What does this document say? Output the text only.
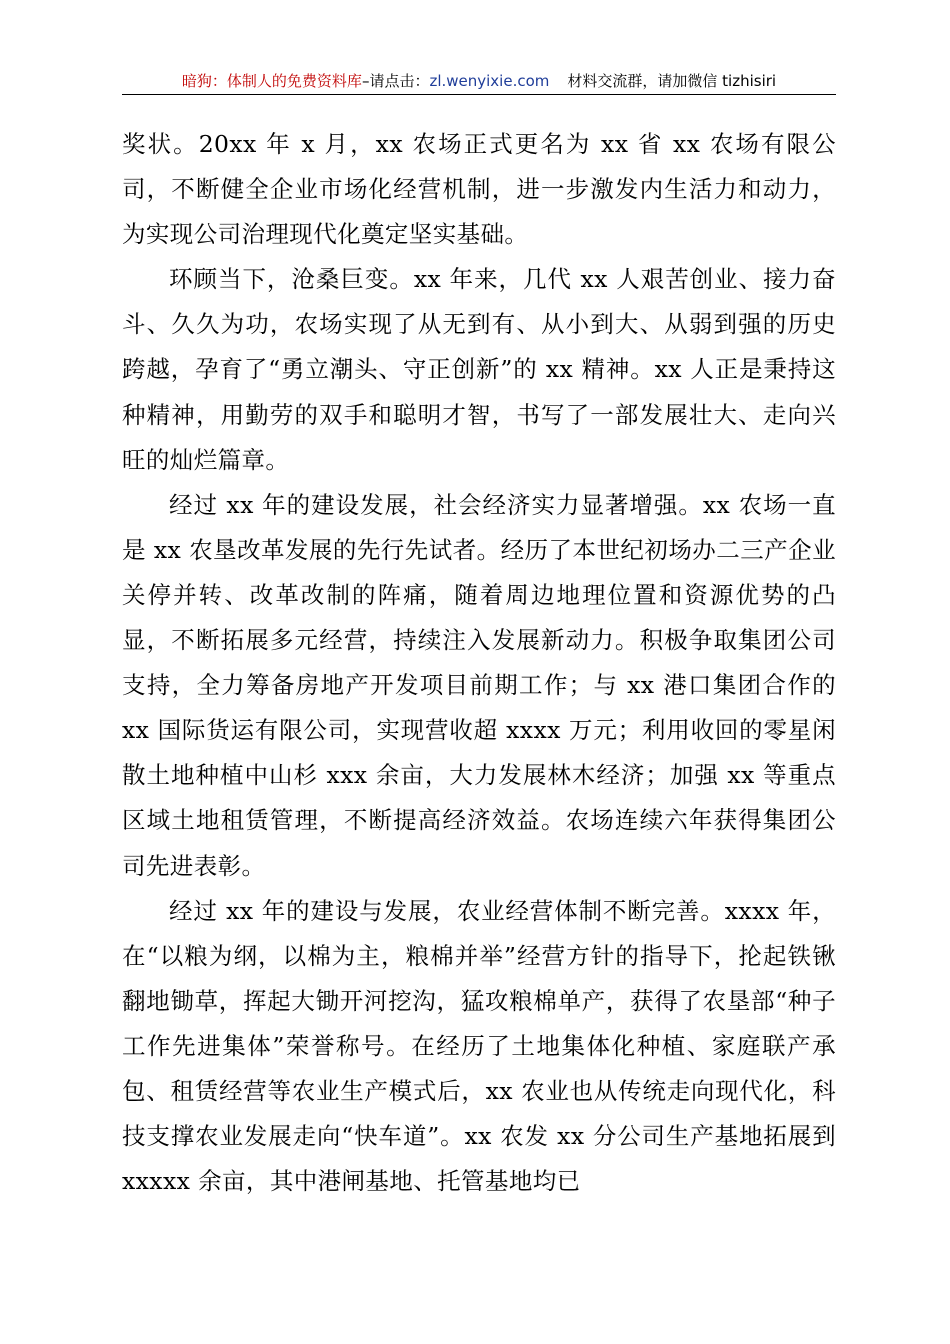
暗狗：体制人的免费资料库–请点击：zl.wenyixie.com 材料交流群，请加微信 tizhisiri

奖状。20xx 年 x 月，xx 农场正式更名为 xx 省 xx 农场有限公司，不断健全企业市场化经营机制，进一步激发内生活力和动力，为实现公司治理现代化奠定坚实基础。

环顾当下，沧桑巨变。xx 年来，几代 xx 人艰苦创业、接力奋斗、久久为功，农场实现了从无到有、从小到大、从弱到强的历史跨越，孕育了“勇立潮头、守正创新”的 xx 精神。xx 人正是秉持这种精神，用勤劳的双手和聪明才智，书写了一部发展壮大、走向兴旺的灿烂篇章。

经过 xx 年的建设发展，社会经济实力显著增强。xx 农场一直是 xx 农垦改革发展的先行先试者。经历了本世纪初场办二三产企业关停并转、改革改制的阵痛，随着周边地理位置和资源优势的凸显，不断拓展多元经营，持续注入发展新动力。积极争取集团公司支持，全力筹备房地产开发项目前期工作；与 xx 港口集团合作的 xx 国际货运有限公司，实现营收超 xxxx 万元；利用收回的零星闲散土地种植中山杉 xxx 余亩，大力发展林木经济；加强 xx 等重点区域土地租赁管理，不断提高经济效益。农场连续六年获得集团公司先进表彰。

经过 xx 年的建设与发展，农业经营体制不断完善。xxxx 年，在“以粮为纲，以棉为主，粮棉并举”经营方针的指导下，抡起铁锹翻地锄草，挥起大锄开河挖沟，猛攻粮棉单产，获得了农垦部“种子工作先进集体”荣誉称号。在经历了土地集体化种植、家庭联产承包、租赁经营等农业生产模式后，xx 农业也从传统走向现代化，科技支撑农业发展走向“快车道”。xx 农发 xx 分公司生产基地拓展到 xxxxx 余亩，其中港闸基地、托管基地均已
